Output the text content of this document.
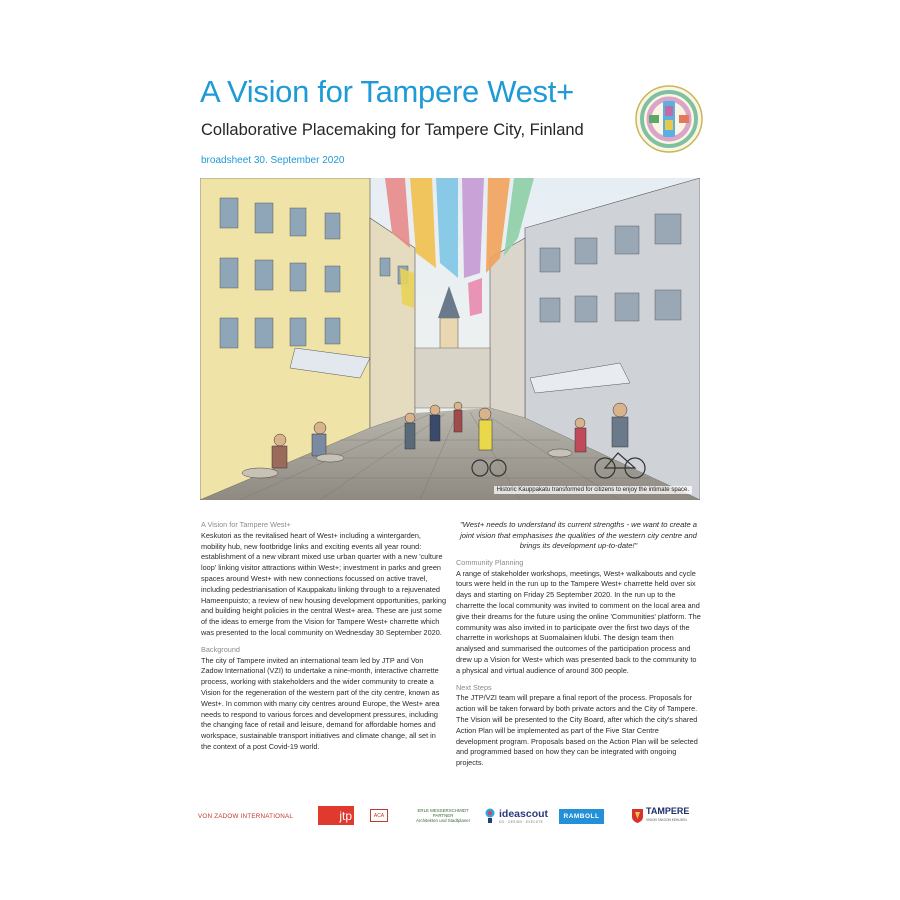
A Vision for Tampere West+
Collaborative Placemaking for Tampere City, Finland
broadsheet 30. September 2020
Historic Kauppakatu transformed for citizens to enjoy the intimate space.

A Vision for Tampere West+

Keskutori as the revitalised heart of West+ including a wintergarden, mobility hub, new footbridge links and exciting events all year round: establishment of a new vibrant mixed use urban quarter with a new 'culture loop' linking visitor attractions within West+; investment in parks and green spaces around West+ with new connections focussed on active travel, including pedestrianisation of Kauppakatu linking through to a rejuvenated Hameenpuisto; a review of new housing development opportunities, parking and building height policies in the central West+ area. These are just some of the ideas to emerge from the Vision for Tampere West+ charrette which was presented to the local community on Wednesday 30 September 2020.

Background

The city of Tampere invited an international team led by JTP and Von Zadow International (VZI) to undertake a nine-month, interactive charrette process, working with stakeholders and the wider community to create a Vision for the regeneration of the western part of the city centre, known as West+. In common with many city centres around Europe, the West+ area needs to respond to various forces and development pressures, including the changing face of retail and leisure, demand for affordable homes and workspace, sustainable transport initiatives and climate change, all set in the context of a post Covid-19 world.

"West+ needs to understand its current strengths - we want to create a joint vision that emphasises the qualities of the western city centre and brings its development up-to-date!"

Community Planning

A range of stakeholder workshops, meetings, West+ walkabouts and cycle tours were held in the run up to the Tampere West+ charrette held over six days and starting on Friday 25 September 2020. In the run up to the charrette the local community was invited to comment on the local area and give their dreams for the future using the online 'Communities' platform. The community was also invited in to participate over the first two days of the charrette in workshops at Suomalainen klubi. The design team then analysed and summarised the outcomes of the participation process and drew up a Vision for West+ which was presented back to the community to a physical and virtual audience of around 300 people.

Next Steps

The JTP/VZI team will prepare a final report of the process. Proposals for action will be taken forward by both private actors and the City of Tampere. The Vision will be presented to the City Board, after which the city's shared Action Plan will be implemented as part of the Five Star Centre development program. Proposals based on the Action Plan will be selected and programmed based on how they can be integrated with ongoing projects.

VON ZADOW INTERNATIONAL	jtp	ACA
ERLE MESSERSCHMIDT
PARTNER
Architekten und Stadtplaner	ideascout
DO · DESIGN · EXECUTE
RAMBOLL
TAMPERE
VISION TAKOON KEHUJEN
